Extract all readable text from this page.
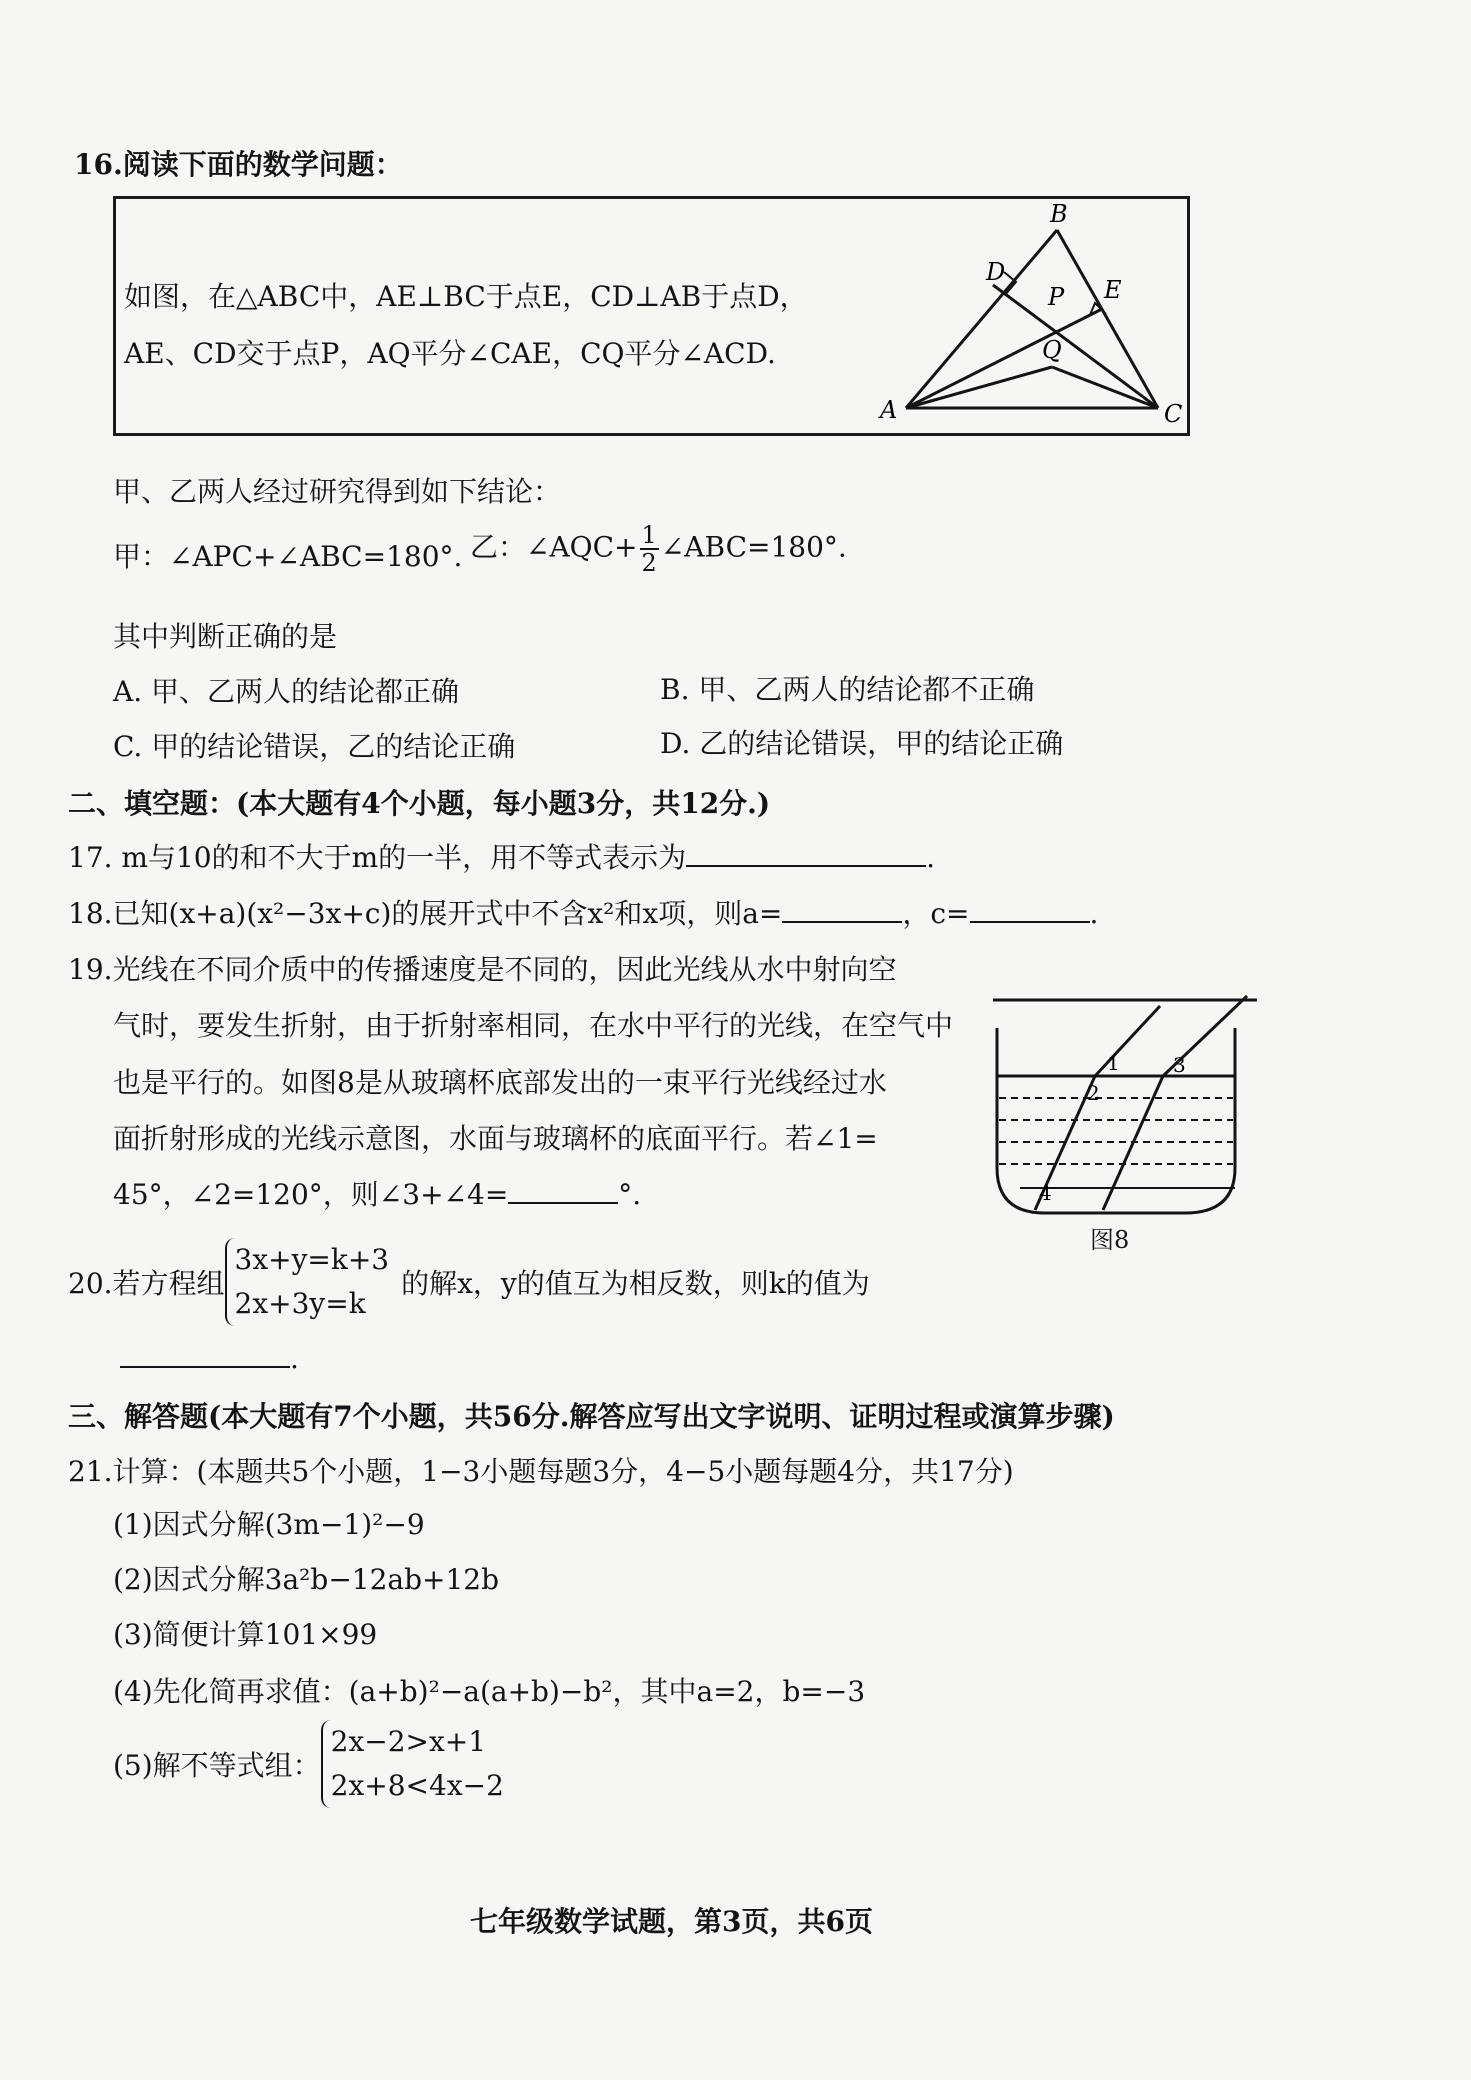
16.阅读下面的数学问题：
如图，在△ABC中，AE⊥BC于点E，CD⊥AB于点D，
AE、CD交于点P，AQ平分∠CAE，CQ平分∠ACD.
B
D
P E
Q
A	C
甲、乙两人经过研究得到如下结论：
甲：∠APC+∠ABC=180°. 乙：∠AQC+ $\frac{1}{2}$ ∠ABC=180°.
其中判断正确的是
A. 甲、乙两人的结论都正确	B. 甲、乙两人的结论都不正确
C. 甲的结论错误，乙的结论正确	D. 乙的结论错误，甲的结论正确
二、填空题：(本大题有4个小题，每小题3分，共12分.)
17. m与10的和不大于m的一半，用不等式表示为	.
18.已知(x+a)(x²−3x+c)的展开式中不含x²和x项，则a=	，c=	.
19.光线在不同介质中的传播速度是不同的，因此光线从水中射向空
气时，要发生折射，由于折射率相同，在水中平行的光线，在空气中
也是平行的。如图8是从玻璃杯底部发出的一束平行光线经过水
面折射形成的光线示意图，水面与玻璃杯的底面平行。若∠1=
45°，∠2=120°，则∠3+∠4=	°.
1
2
3
4
图8
20.若方程组
3x+y=k+3
2x+3y=k
的解x，y的值互为相反数，则k的值为
.
三、解答题(本大题有7个小题，共56分.解答应写出文字说明、证明过程或演算步骤)
21.计算：(本题共5个小题，1−3小题每题3分，4−5小题每题4分，共17分)
(1)因式分解(3m−1)²−9
(2)因式分解3a²b−12ab+12b
(3)简便计算101×99
(4)先化简再求值：(a+b)²−a(a+b)−b²，其中a=2，b=−3
(5)解不等式组：
2x−2>x+1
2x+8<4x−2
七年级数学试题，第3页，共6页
